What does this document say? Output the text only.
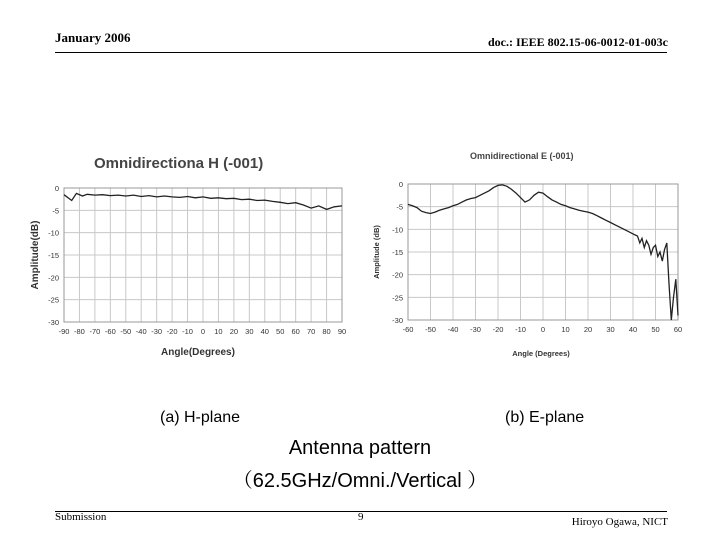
January 2006	doc.: IEEE 802.15-06-0012-01-003c
Omnidirectiona H (-001)
-90 -80 -70 -60 -50 -40 -30 -20 -10 0 10 20 30 40 50 60 70 80 90
0
-5
-10
-15
-20
-25
-30
Angle(Degrees)
Amplitude(dB)
Omnidirectional E (-001)
-60 -50 -40 -30 -20 -10 0 10 20 30 40 50 60
0
-5
-10
-15
-20
-25
-30
Angle (Degrees)
Amplitude (dB)
(a) H-plane	(b) E-plane
Antenna pattern
（62.5GHz/Omni./Vertical ）
Submission	9	Hiroyo Ogawa, NICT
